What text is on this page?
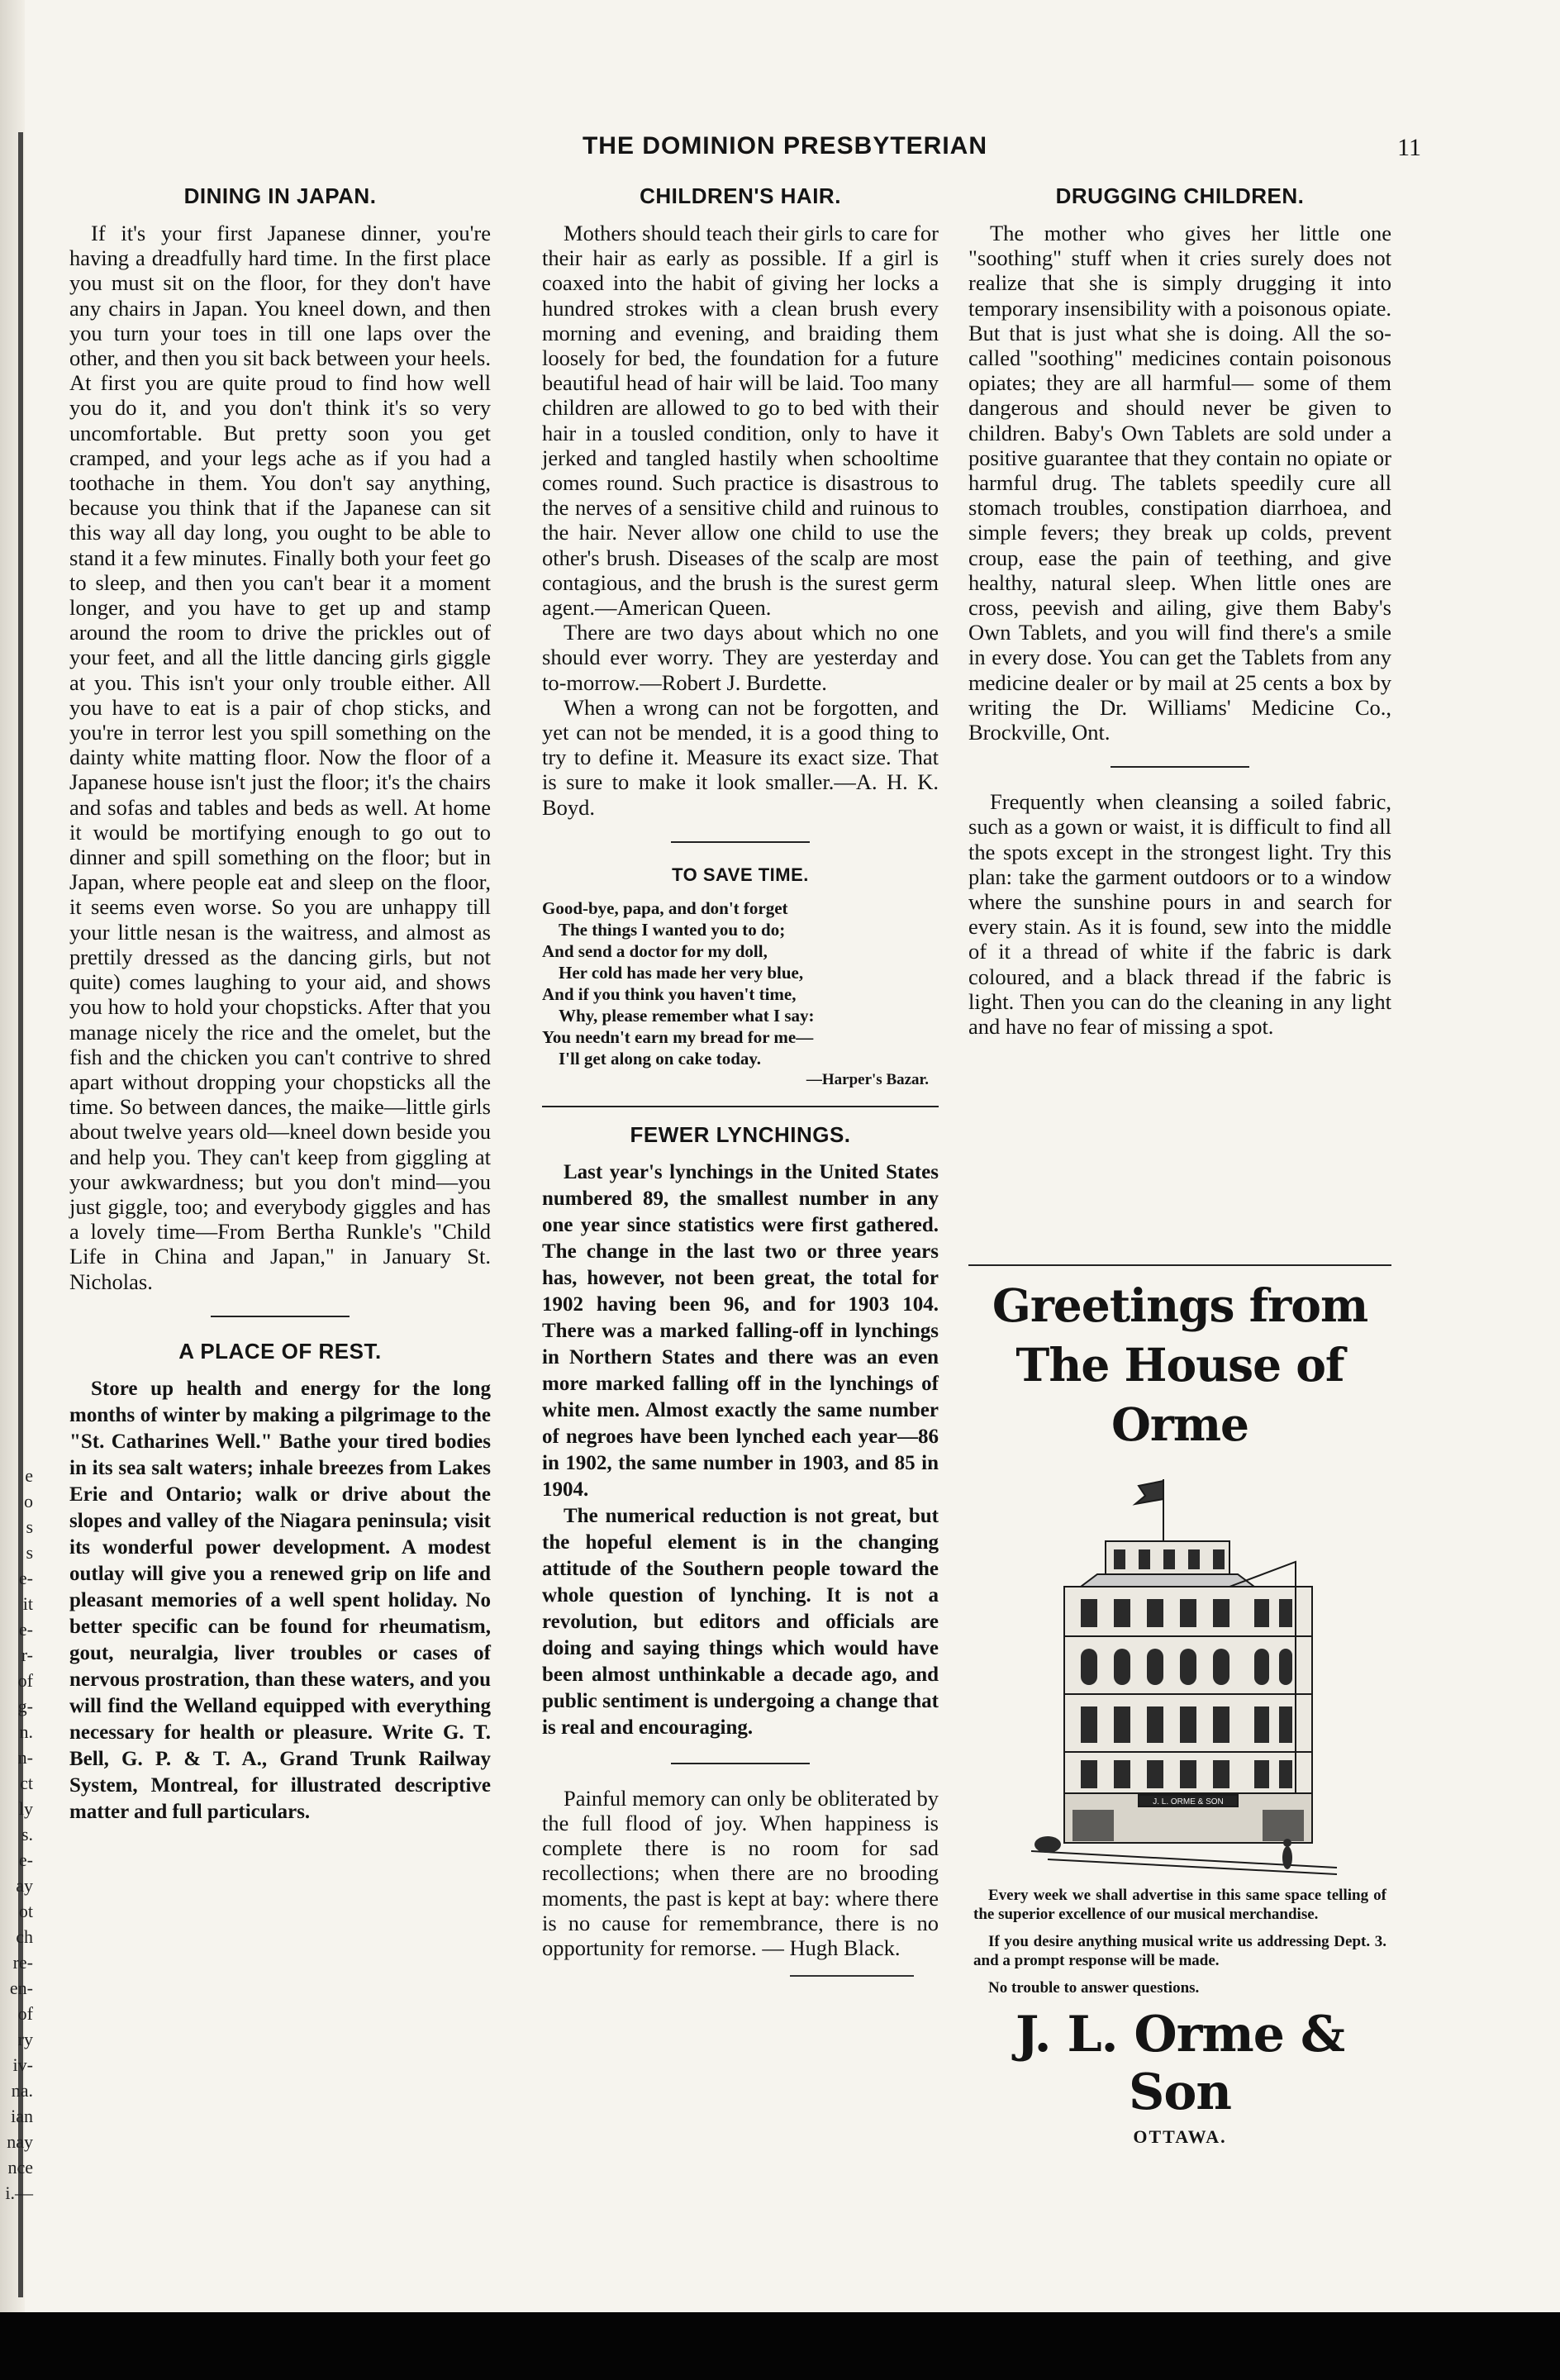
e
o
s
s
e-
it
e-
r-
of
g-
n.
n-
ct
ly
s.
e-
ay
ot
ch
re-
en-
of
ry
iv-
na.
ian
nay
nce
i.—
THE DOMINION PRESBYTERIAN	11
DINING IN JAPAN.

If it's your first Japanese dinner, you're having a dreadfully hard time. In the first place you must sit on the floor, for they don't have any chairs in Japan. You kneel down, and then you turn your toes in till one laps over the other, and then you sit back between your heels. At first you are quite proud to find how well you do it, and you don't think it's so very uncomfortable. But pretty soon you get cramped, and your legs ache as if you had a toothache in them. You don't say anything, because you think that if the Japanese can sit this way all day long, you ought to be able to stand it a few minutes. Finally both your feet go to sleep, and then you can't bear it a moment longer, and you have to get up and stamp around the room to drive the prickles out of your feet, and all the little dancing girls giggle at you. This isn't your only trouble either. All you have to eat is a pair of chop sticks, and you're in terror lest you spill something on the dainty white matting floor. Now the floor of a Japanese house isn't just the floor; it's the chairs and sofas and tables and beds as well. At home it would be mortifying enough to go out to dinner and spill something on the floor; but in Japan, where people eat and sleep on the floor, it seems even worse. So you are unhappy till your little nesan is the waitress, and almost as prettily dressed as the dancing girls, but not quite) comes laughing to your aid, and shows you how to hold your chopsticks. After that you manage nicely the rice and the omelet, but the fish and the chicken you can't contrive to shred apart without dropping your chopsticks all the time. So between dances, the maike—little girls about twelve years old—kneel down beside you and help you. They can't keep from giggling at your awkwardness; but you don't mind—you just giggle, too; and everybody giggles and has a lovely time—From Bertha Runkle's "Child Life in China and Japan," in January St. Nicholas.

A PLACE OF REST.

Store up health and energy for the long months of winter by making a pilgrimage to the "St. Catharines Well." Bathe your tired bodies in its sea salt waters; inhale breezes from Lakes Erie and Ontario; walk or drive about the slopes and valley of the Niagara peninsula; visit its wonderful power development. A modest outlay will give you a renewed grip on life and pleasant memories of a well spent holiday. No better specific can be found for rheumatism, gout, neuralgia, liver troubles or cases of nervous prostration, than these waters, and you will find the Welland equipped with everything necessary for health or pleasure. Write G. T. Bell, G. P. & T. A., Grand Trunk Railway System, Montreal, for illustrated descriptive matter and full particulars.

CHILDREN'S HAIR.

Mothers should teach their girls to care for their hair as early as possible. If a girl is coaxed into the habit of giving her locks a hundred strokes with a clean brush every morning and evening, and braiding them loosely for bed, the foundation for a future beautiful head of hair will be laid. Too many children are allowed to go to bed with their hair in a tousled condition, only to have it jerked and tangled hastily when schooltime comes round. Such practice is disastrous to the nerves of a sensitive child and ruinous to the hair. Never allow one child to use the other's brush. Diseases of the scalp are most contagious, and the brush is the surest germ agent.—American Queen.

There are two days about which no one should ever worry. They are yesterday and to-morrow.—Robert J. Burdette.

When a wrong can not be forgotten, and yet can not be mended, it is a good thing to try to define it. Measure its exact size. That is sure to make it look smaller.—A. H. K. Boyd.

TO SAVE TIME.
Good-bye, papa, and don't forget
The things I wanted you to do;
And send a doctor for my doll,
Her cold has made her very blue,
And if you think you haven't time,
Why, please remember what I say:
You needn't earn my bread for me—
I'll get along on cake today.
—Harper's Bazar.
FEWER LYNCHINGS.

Last year's lynchings in the United States numbered 89, the smallest number in any one year since statistics were first gathered. The change in the last two or three years has, however, not been great, the total for 1902 having been 96, and for 1903 104. There was a marked falling-off in lynchings in Northern States and there was an even more marked falling off in the lynchings of white men. Almost exactly the same number of negroes have been lynched each year—86 in 1902, the same number in 1903, and 85 in 1904.

The numerical reduction is not great, but the hopeful element is in the changing attitude of the Southern people toward the whole question of lynching. It is not a revolution, but editors and officials are doing and saying things which would have been almost unthinkable a decade ago, and public sentiment is undergoing a change that is real and encouraging.

Painful memory can only be obliterated by the full flood of joy. When happiness is complete there is no room for sad recollections; when there are no brooding moments, the past is kept at bay: where there is no cause for remembrance, there is no opportunity for remorse. — Hugh Black.

DRUGGING CHILDREN.

The mother who gives her little one "soothing" stuff when it cries surely does not realize that she is simply drugging it into temporary insensibility with a poisonous opiate. But that is just what she is doing. All the so-called "soothing" medicines contain poisonous opiates; they are all harmful— some of them dangerous and should never be given to children. Baby's Own Tablets are sold under a positive guarantee that they contain no opiate or harmful drug. The tablets speedily cure all stomach troubles, constipation diarrhoea, and simple fevers; they break up colds, prevent croup, ease the pain of teething, and give healthy, natural sleep. When little ones are cross, peevish and ailing, give them Baby's Own Tablets, and you will find there's a smile in every dose. You can get the Tablets from any medicine dealer or by mail at 25 cents a box by writing the Dr. Williams' Medicine Co., Brockville, Ont.

Frequently when cleansing a soiled fabric, such as a gown or waist, it is difficult to find all the spots except in the strongest light. Try this plan: take the garment outdoors or to a window where the sunshine pours in and search for every stain. As it is found, sew into the middle of it a thread of white if the fabric is dark coloured, and a black thread if the fabric is light. Then you can do the cleaning in any light and have no fear of missing a spot.

Greetings from
The House of Orme
J. L. ORME & SON

Every week we shall advertise in this same space telling of the superior excellence of our musical merchandise.

If you desire anything musical write us addressing Dept. 3. and a prompt response will be made.

No trouble to answer questions.

J. L. Orme & Son
OTTAWA.
